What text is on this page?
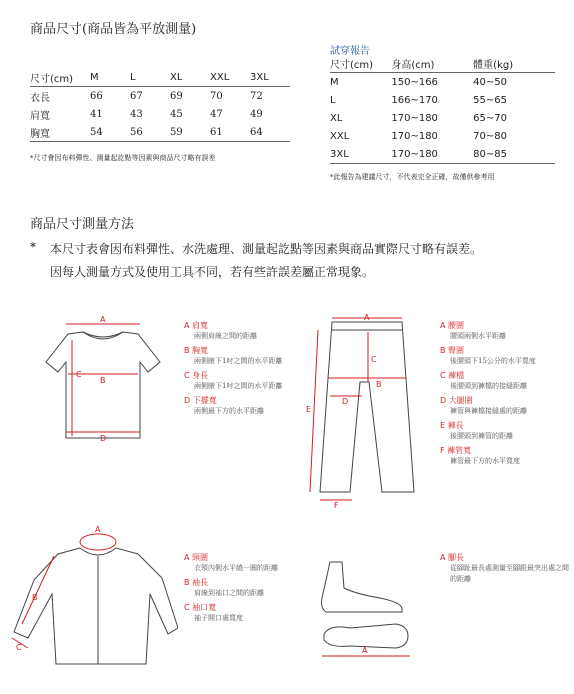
商品尺寸(商品皆為平放測量)
尺寸(cm)	M	L	XL	XXL	3XL
衣長	66	67	69	70	72
肩寬	41	43	45	47	49
胸寬	54	56	59	61	64
*尺寸會因布料彈性、測量起訖點等因素與商品尺寸略有誤差
試穿報告
尺寸(cm)	身高(cm)	體重(kg)
M	150~166	40~50
L	166~170	55~65
XL	170~180	65~70
XXL	170~180	70~80
3XL	170~180	80~85
*此報告為建議尺寸，不代表完全正確，故僅供參考用
商品尺寸測量方法
* 本尺寸表會因布料彈性、水洗處理、測量起訖點等因素與商品實際尺寸略有誤差。
因每人測量方式及使用工具不同，若有些許誤差屬正常現象。
A
B
C
D
A 肩寬
兩側肩線之間的距離
B 胸寬
兩側腋下1吋之間的水平距離
C 身長
兩側腋下1吋之間的水平距離
D 下擺寬
兩側最下方的水平距離
A
B
C
D
E
F
A 腰圍
腰頭兩側水平距離
B 臀圍
後腰頭下15公分的水平寬度
C 褲檔
後腰頭到褲檔的接縫距離
D 大腿圍
褲管與褲檔接縫處的距離
E 褲長
後腰頭到褲管的距離
F 褲管寬
褲管最下方的水平寬度
A
B
C
A 頸圍
衣領內側水平繞一圈的距離
B 袖長
肩線到袖口之間的距離
C 袖口寬
袖子開口處寬度
A
A 腳長
從腳趾最長處測量至腳跟最突出處之間的距離
